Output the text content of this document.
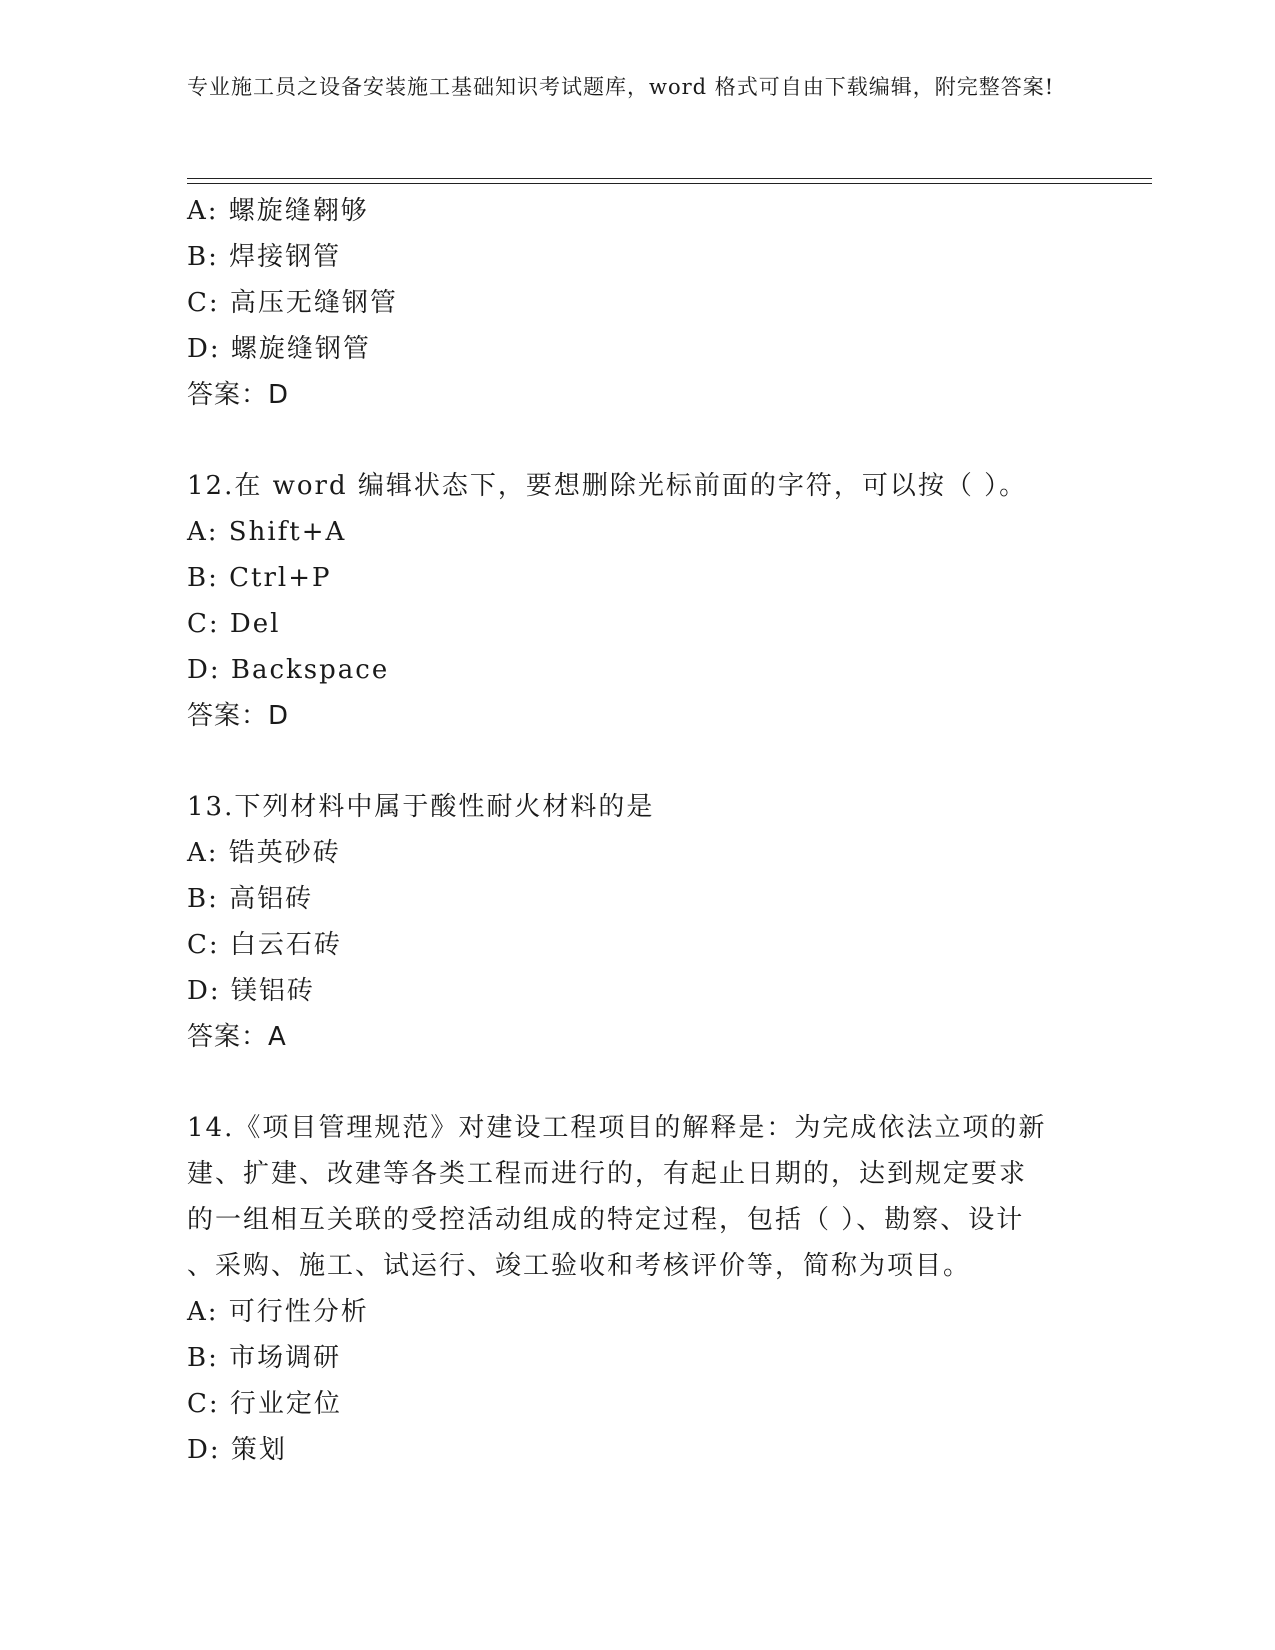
专业施工员之设备安装施工基础知识考试题库，word 格式可自由下载编辑，附完整答案!
A: 螺旋缝翱够
B: 焊接钢管
C: 高压无缝钢管
D: 螺旋缝钢管
答案：D
12.在 word 编辑状态下，要想删除光标前面的字符，可以按（ ）。
A: Shift+A
B: Ctrl+P
C: Del
D: Backspace
答案：D
13.下列材料中属于酸性耐火材料的是
A: 锆英砂砖
B: 高铝砖
C: 白云石砖
D: 镁铝砖
答案：A
14.《项目管理规范》对建设工程项目的解释是：为完成依法立项的新
建、扩建、改建等各类工程而进行的，有起止日期的，达到规定要求
的一组相互关联的受控活动组成的特定过程，包括（ ）、勘察、设计
、采购、施工、试运行、竣工验收和考核评价等，简称为项目。
A: 可行性分析
B: 市场调研
C: 行业定位
D: 策划
